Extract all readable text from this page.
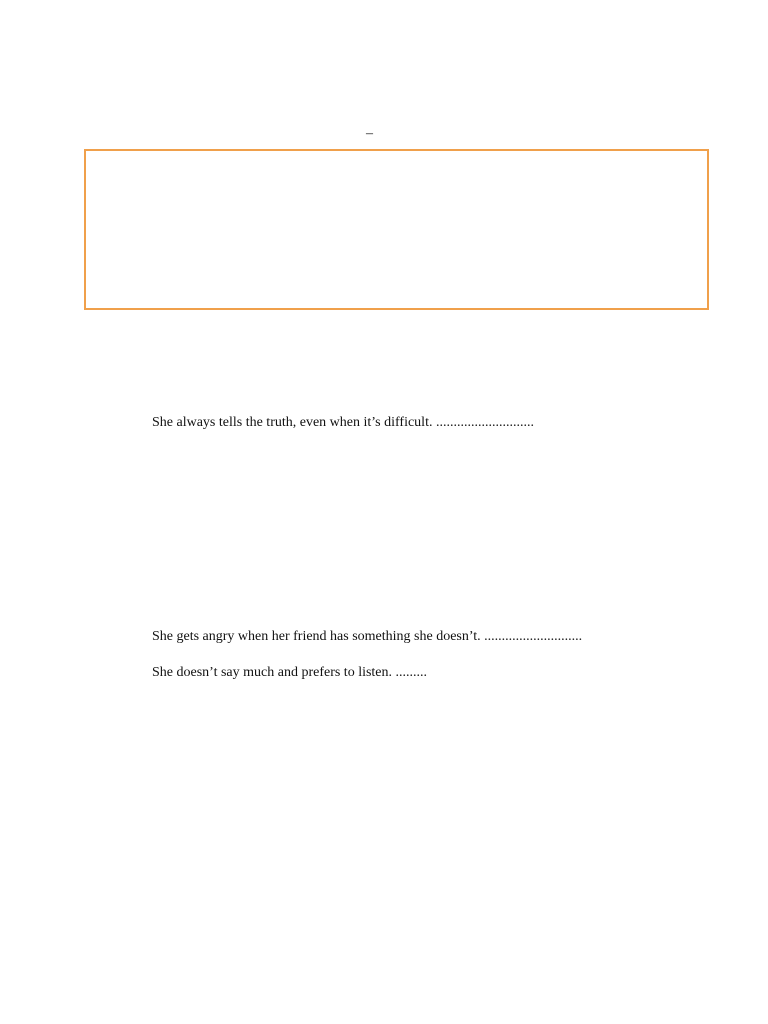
–
She always tells the truth, even when it’s difficult. ............................
She gets angry when her friend has something she doesn’t. ............................
She doesn’t say much and prefers to listen. .........
